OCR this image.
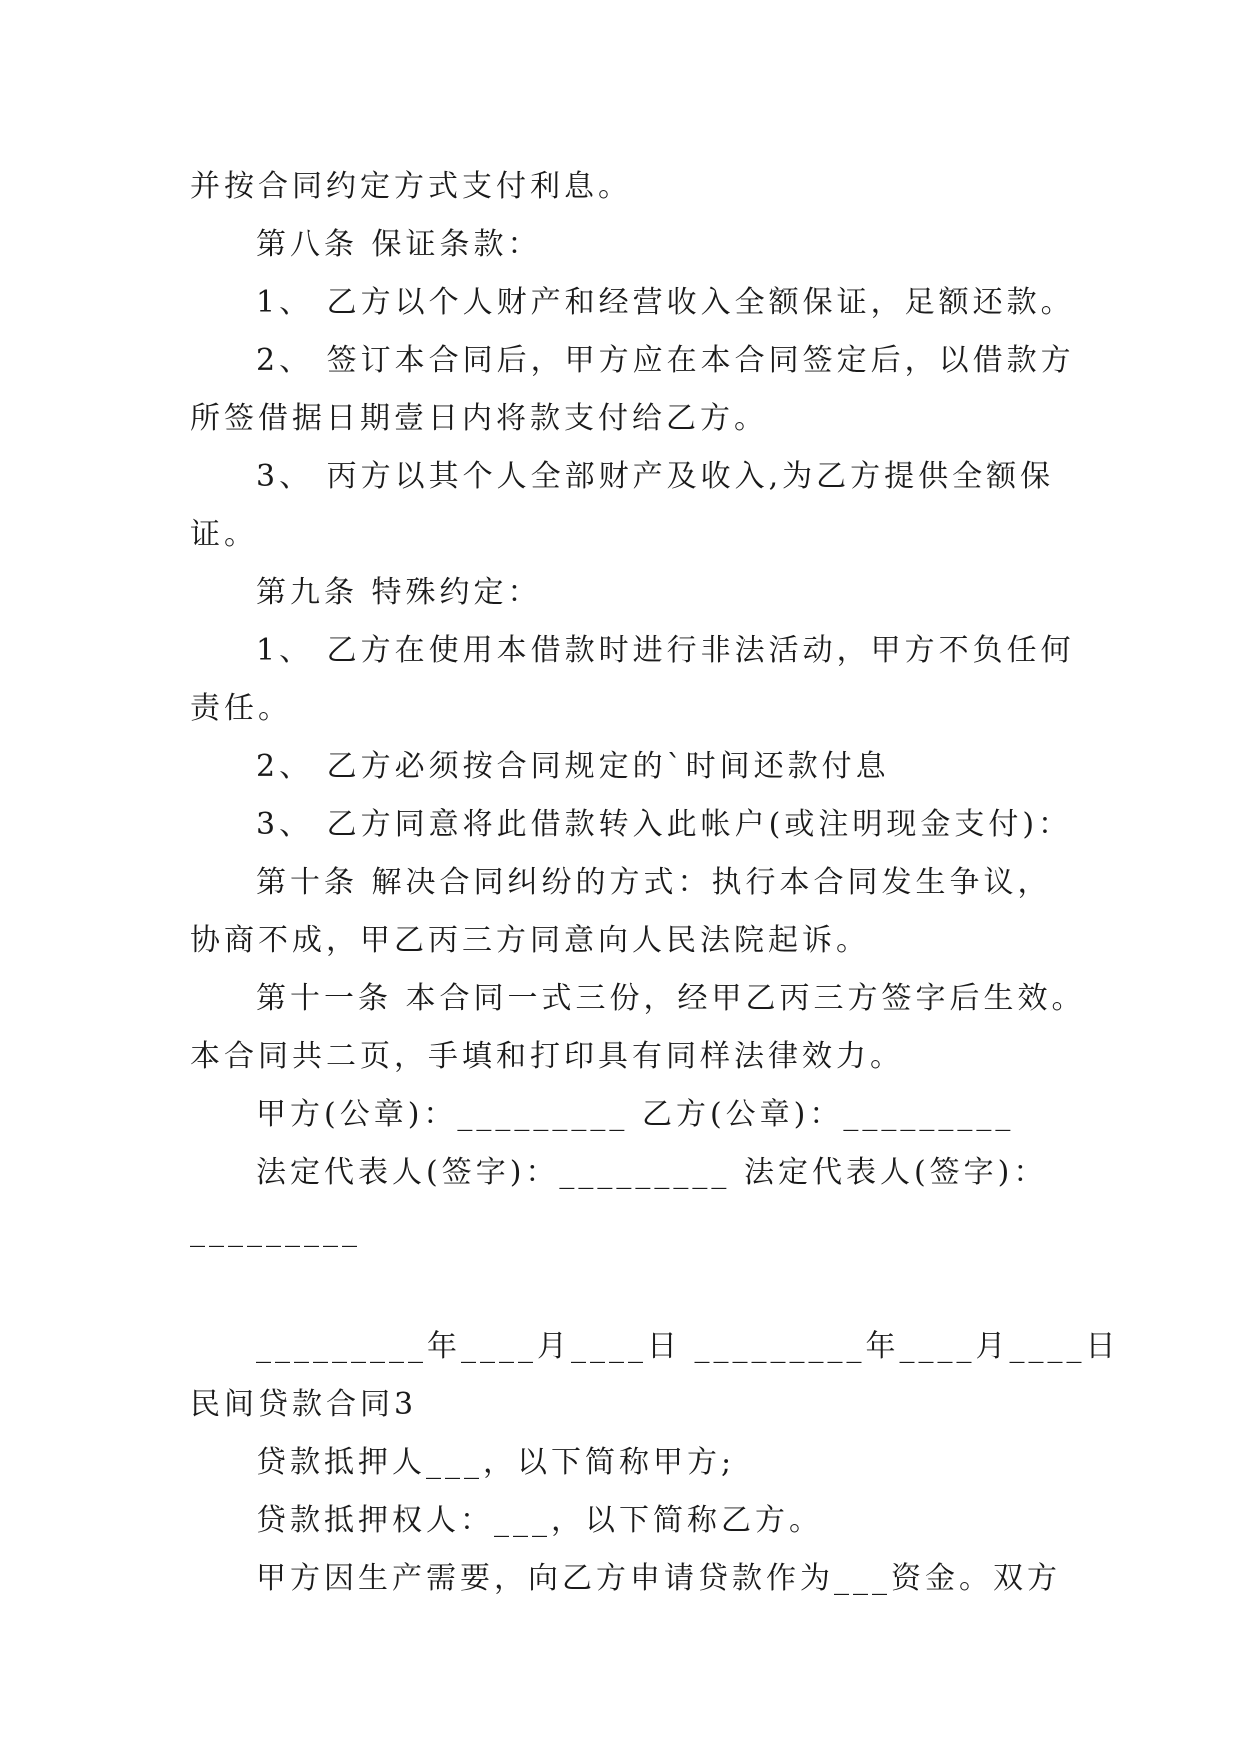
并按合同约定方式支付利息。
第八条 保证条款：
1、 乙方以个人财产和经营收入全额保证，足额还款。
2、 签订本合同后，甲方应在本合同签定后，以借款方
所签借据日期壹日内将款支付给乙方。
3、 丙方以其个人全部财产及收入,为乙方提供全额保
证。
第九条 特殊约定：
1、 乙方在使用本借款时进行非法活动，甲方不负任何
责任。
2、 乙方必须按合同规定的`时间还款付息
3、 乙方同意将此借款转入此帐户(或注明现金支付)：
第十条 解决合同纠纷的方式：执行本合同发生争议，
协商不成，甲乙丙三方同意向人民法院起诉。
第十一条 本合同一式三份，经甲乙丙三方签字后生效。
本合同共二页，手填和打印具有同样法律效力。
甲方(公章)：_________ 乙方(公章)：_________
法定代表人(签字)：_________ 法定代表人(签字)：
_________
_________年____月____日 _________年____月____日
民间贷款合同3
贷款抵押人___，以下简称甲方;
贷款抵押权人：___，以下简称乙方。
甲方因生产需要，向乙方申请贷款作为___资金。双方
